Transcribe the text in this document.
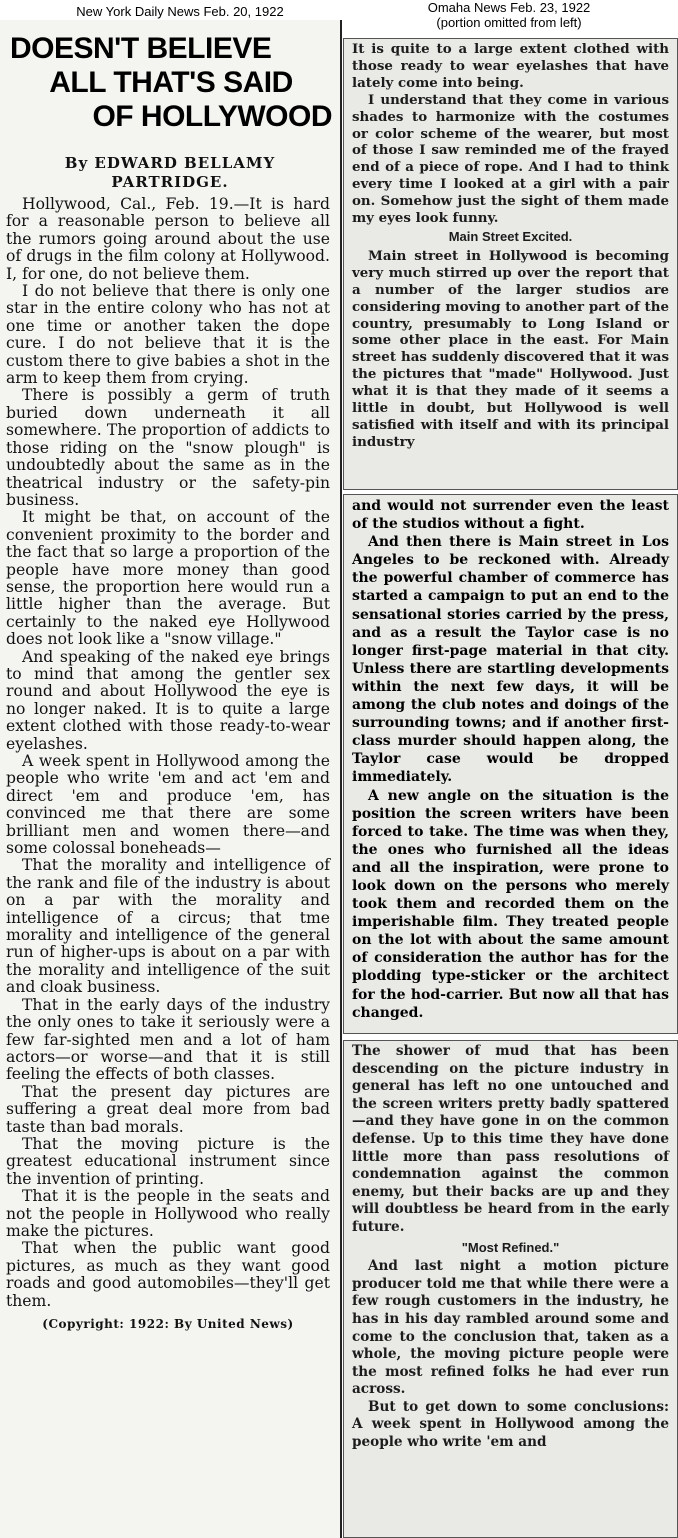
New York Daily News Feb. 20, 1922	Omaha News Feb. 23, 1922
(portion omitted from left)
DOESN'T BELIEVE
ALL THAT'S SAID
OF HOLLYWOOD
By EDWARD BELLAMY
PARTRIDGE.

Hollywood, Cal., Feb. 19.—It is hard for a reasonable person to believe all the rumors going around about the use of drugs in the film colony at Hollywood. I, for one, do not believe them.

I do not believe that there is only one star in the entire colony who has not at one time or another taken the dope cure. I do not believe that it is the custom there to give babies a shot in the arm to keep them from crying.

There is possibly a germ of truth buried down underneath it all somewhere. The proportion of addicts to those riding on the "snow plough" is undoubtedly about the same as in the theatrical industry or the safety-pin business.

It might be that, on account of the convenient proximity to the border and the fact that so large a proportion of the people have more money than good sense, the proportion here would run a little higher than the average. But certainly to the naked eye Hollywood does not look like a "snow village."

And speaking of the naked eye brings to mind that among the gentler sex round and about Hollywood the eye is no longer naked. It is to quite a large extent clothed with those ready-to-wear eyelashes.

A week spent in Hollywood among the people who write 'em and act 'em and direct 'em and produce 'em, has convinced me that there are some brilliant men and women there—and some colossal boneheads—

That the morality and intelligence of the rank and file of the industry is about on a par with the morality and intelligence of a circus; that tme morality and intelligence of the general run of higher-ups is about on a par with the morality and intelligence of the suit and cloak business.

That in the early days of the industry the only ones to take it seriously were a few far-sighted men and a lot of ham actors—or worse—and that it is still feeling the effects of both classes.

That the present day pictures are suffering a great deal more from bad taste than bad morals.

That the moving picture is the greatest educational instrument since the invention of printing.

That it is the people in the seats and not the people in Hollywood who really make the pictures.

That when the public want good pictures, as much as they want good roads and good automobiles—they'll get them.

(Copyright: 1922: By United News)

It is quite to a large extent clothed with those ready to wear eyelashes that have lately come into being.

I understand that they come in various shades to harmonize with the costumes or color scheme of the wearer, but most of those I saw reminded me of the frayed end of a piece of rope. And I had to think every time I looked at a girl with a pair on. Somehow just the sight of them made my eyes look funny.

Main Street Excited.

Main street in Hollywood is becoming very much stirred up over the report that a number of the larger studios are considering moving to another part of the country, presumably to Long Island or some other place in the east. For Main street has suddenly discovered that it was the pictures that "made" Hollywood. Just what it is that they made of it seems a little in doubt, but Hollywood is well satisfied with itself and with its principal industry

and would not surrender even the least of the studios without a fight.

And then there is Main street in Los Angeles to be reckoned with. Already the powerful chamber of commerce has started a campaign to put an end to the sensational stories carried by the press, and as a result the Taylor case is no longer first-page material in that city. Unless there are startling developments within the next few days, it will be among the club notes and doings of the surrounding towns; and if another first-class murder should happen along, the Taylor case would be dropped immediately.

A new angle on the situation is the position the screen writers have been forced to take. The time was when they, the ones who furnished all the ideas and all the inspiration, were prone to look down on the persons who merely took them and recorded them on the imperishable film. They treated people on the lot with about the same amount of consideration the author has for the plodding type-sticker or the architect for the hod-carrier. But now all that has changed.

The shower of mud that has been descending on the picture industry in general has left no one untouched and the screen writers pretty badly spattered—and they have gone in on the common defense. Up to this time they have done little more than pass resolutions of condemnation against the common enemy, but their backs are up and they will doubtless be heard from in the early future.

"Most Refined."

And last night a motion picture producer told me that while there were a few rough customers in the industry, he has in his day rambled around some and come to the conclusion that, taken as a whole, the moving picture people were the most refined folks he had ever run across.

But to get down to some conclusions: A week spent in Hollywood among the people who write 'em and
